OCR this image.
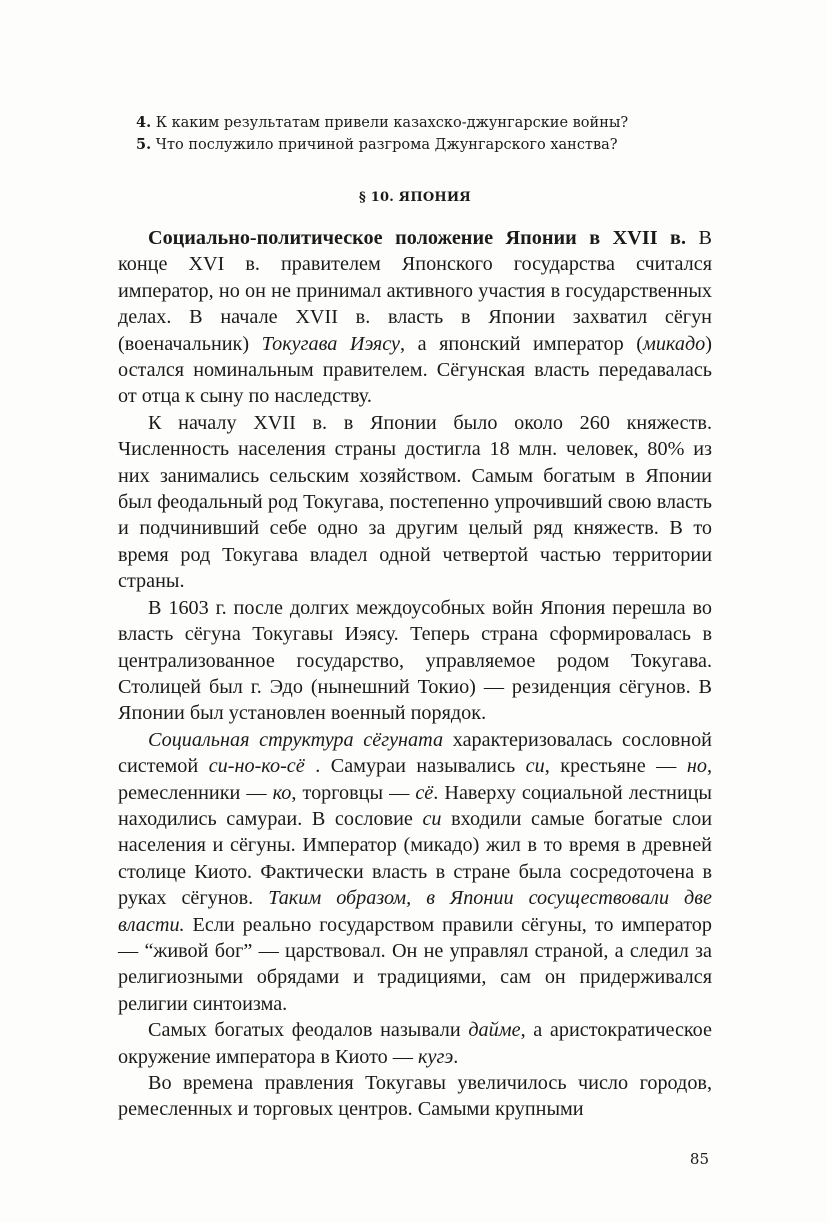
4. К каким результатам привели казахско-джунгарские войны?
5. Что послужило причиной разгрома Джунгарского ханства?
§ 10. ЯПОНИЯ

Социально-политическое положение Японии в XVII в. В конце XVI в. правителем Японского государства считался император, но он не принимал активного участия в государственных делах. В начале XVII в. власть в Японии захватил сёгун (военачальник) Токугава Иэясу, а японский император (микадо) остался номинальным правителем. Сёгунская власть передавалась от отца к сыну по наследству.

К началу XVII в. в Японии было около 260 княжеств. Численность населения страны достигла 18 млн. человек, 80% из них занимались сельским хозяйством. Самым богатым в Японии был феодальный род Токугава, постепенно упрочивший свою власть и подчинивший себе одно за другим целый ряд княжеств. В то время род Токугава владел одной четвертой частью территории страны.

В 1603 г. после долгих междоусобных войн Япония перешла во власть сёгуна Токугавы Иэясу. Теперь страна сформировалась в централизованное государство, управляемое родом Токугава. Столицей был г. Эдо (нынешний Токио) — резиденция сёгунов. В Японии был установлен военный порядок.

Социальная структура сёгуната характеризовалась сословной системой си-но-ко-сё . Самураи назывались си, крестьяне — но, ремесленники — ко, торговцы — сё. Наверху социальной лестницы находились самураи. В сословие си входили самые богатые слои населения и сёгуны. Император (микадо) жил в то время в древней столице Киото. Фактически власть в стране была сосредоточена в руках сёгунов. Таким образом, в Японии сосуществовали две власти. Если реально государством правили сёгуны, то император — “живой бог” — царствовал. Он не управлял страной, а следил за религиозными обрядами и традициями, сам он придерживался религии синтоизма.

Самых богатых феодалов называли дайме, а аристократическое окружение императора в Киото — кугэ.

Во времена правления Токугавы увеличилось число городов, ремесленных и торговых центров. Самыми крупными

85
